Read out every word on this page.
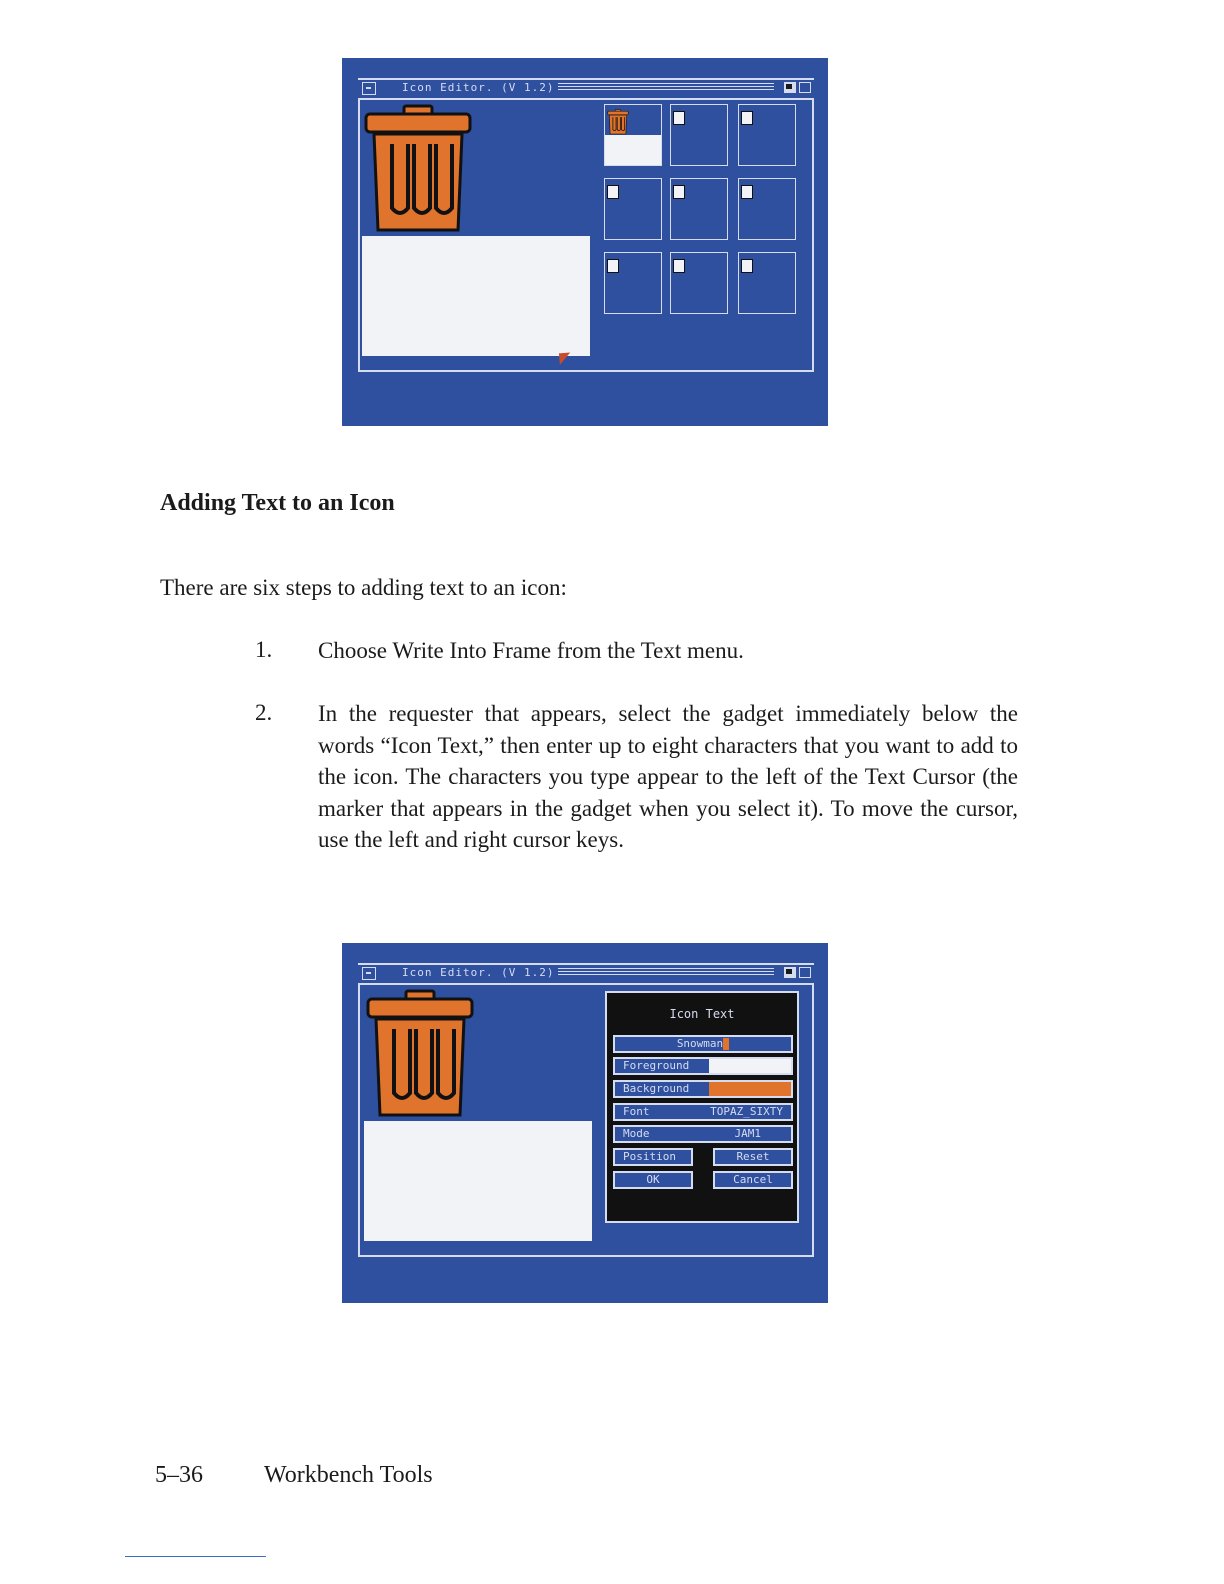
Icon Editor. (V 1.2)
Adding Text to an Icon
There are six steps to adding text to an icon:
1. Choose Write Into Frame from the Text menu.
2. In the requester that appears, select the gadget immediately below the words “Icon Text,” then enter up to eight characters that you want to add to the icon. The characters you type appear to the left of the Text Cursor (the marker that appears in the gadget when you select it). To move the cursor, use the left and right cursor keys.
Icon Editor. (V 1.2)
Icon Text
Snowman
Foreground
Background
Font	TOPAZ_SIXTY
Mode	JAM1
Position	Reset
OK	Cancel
5–36	Workbench Tools
